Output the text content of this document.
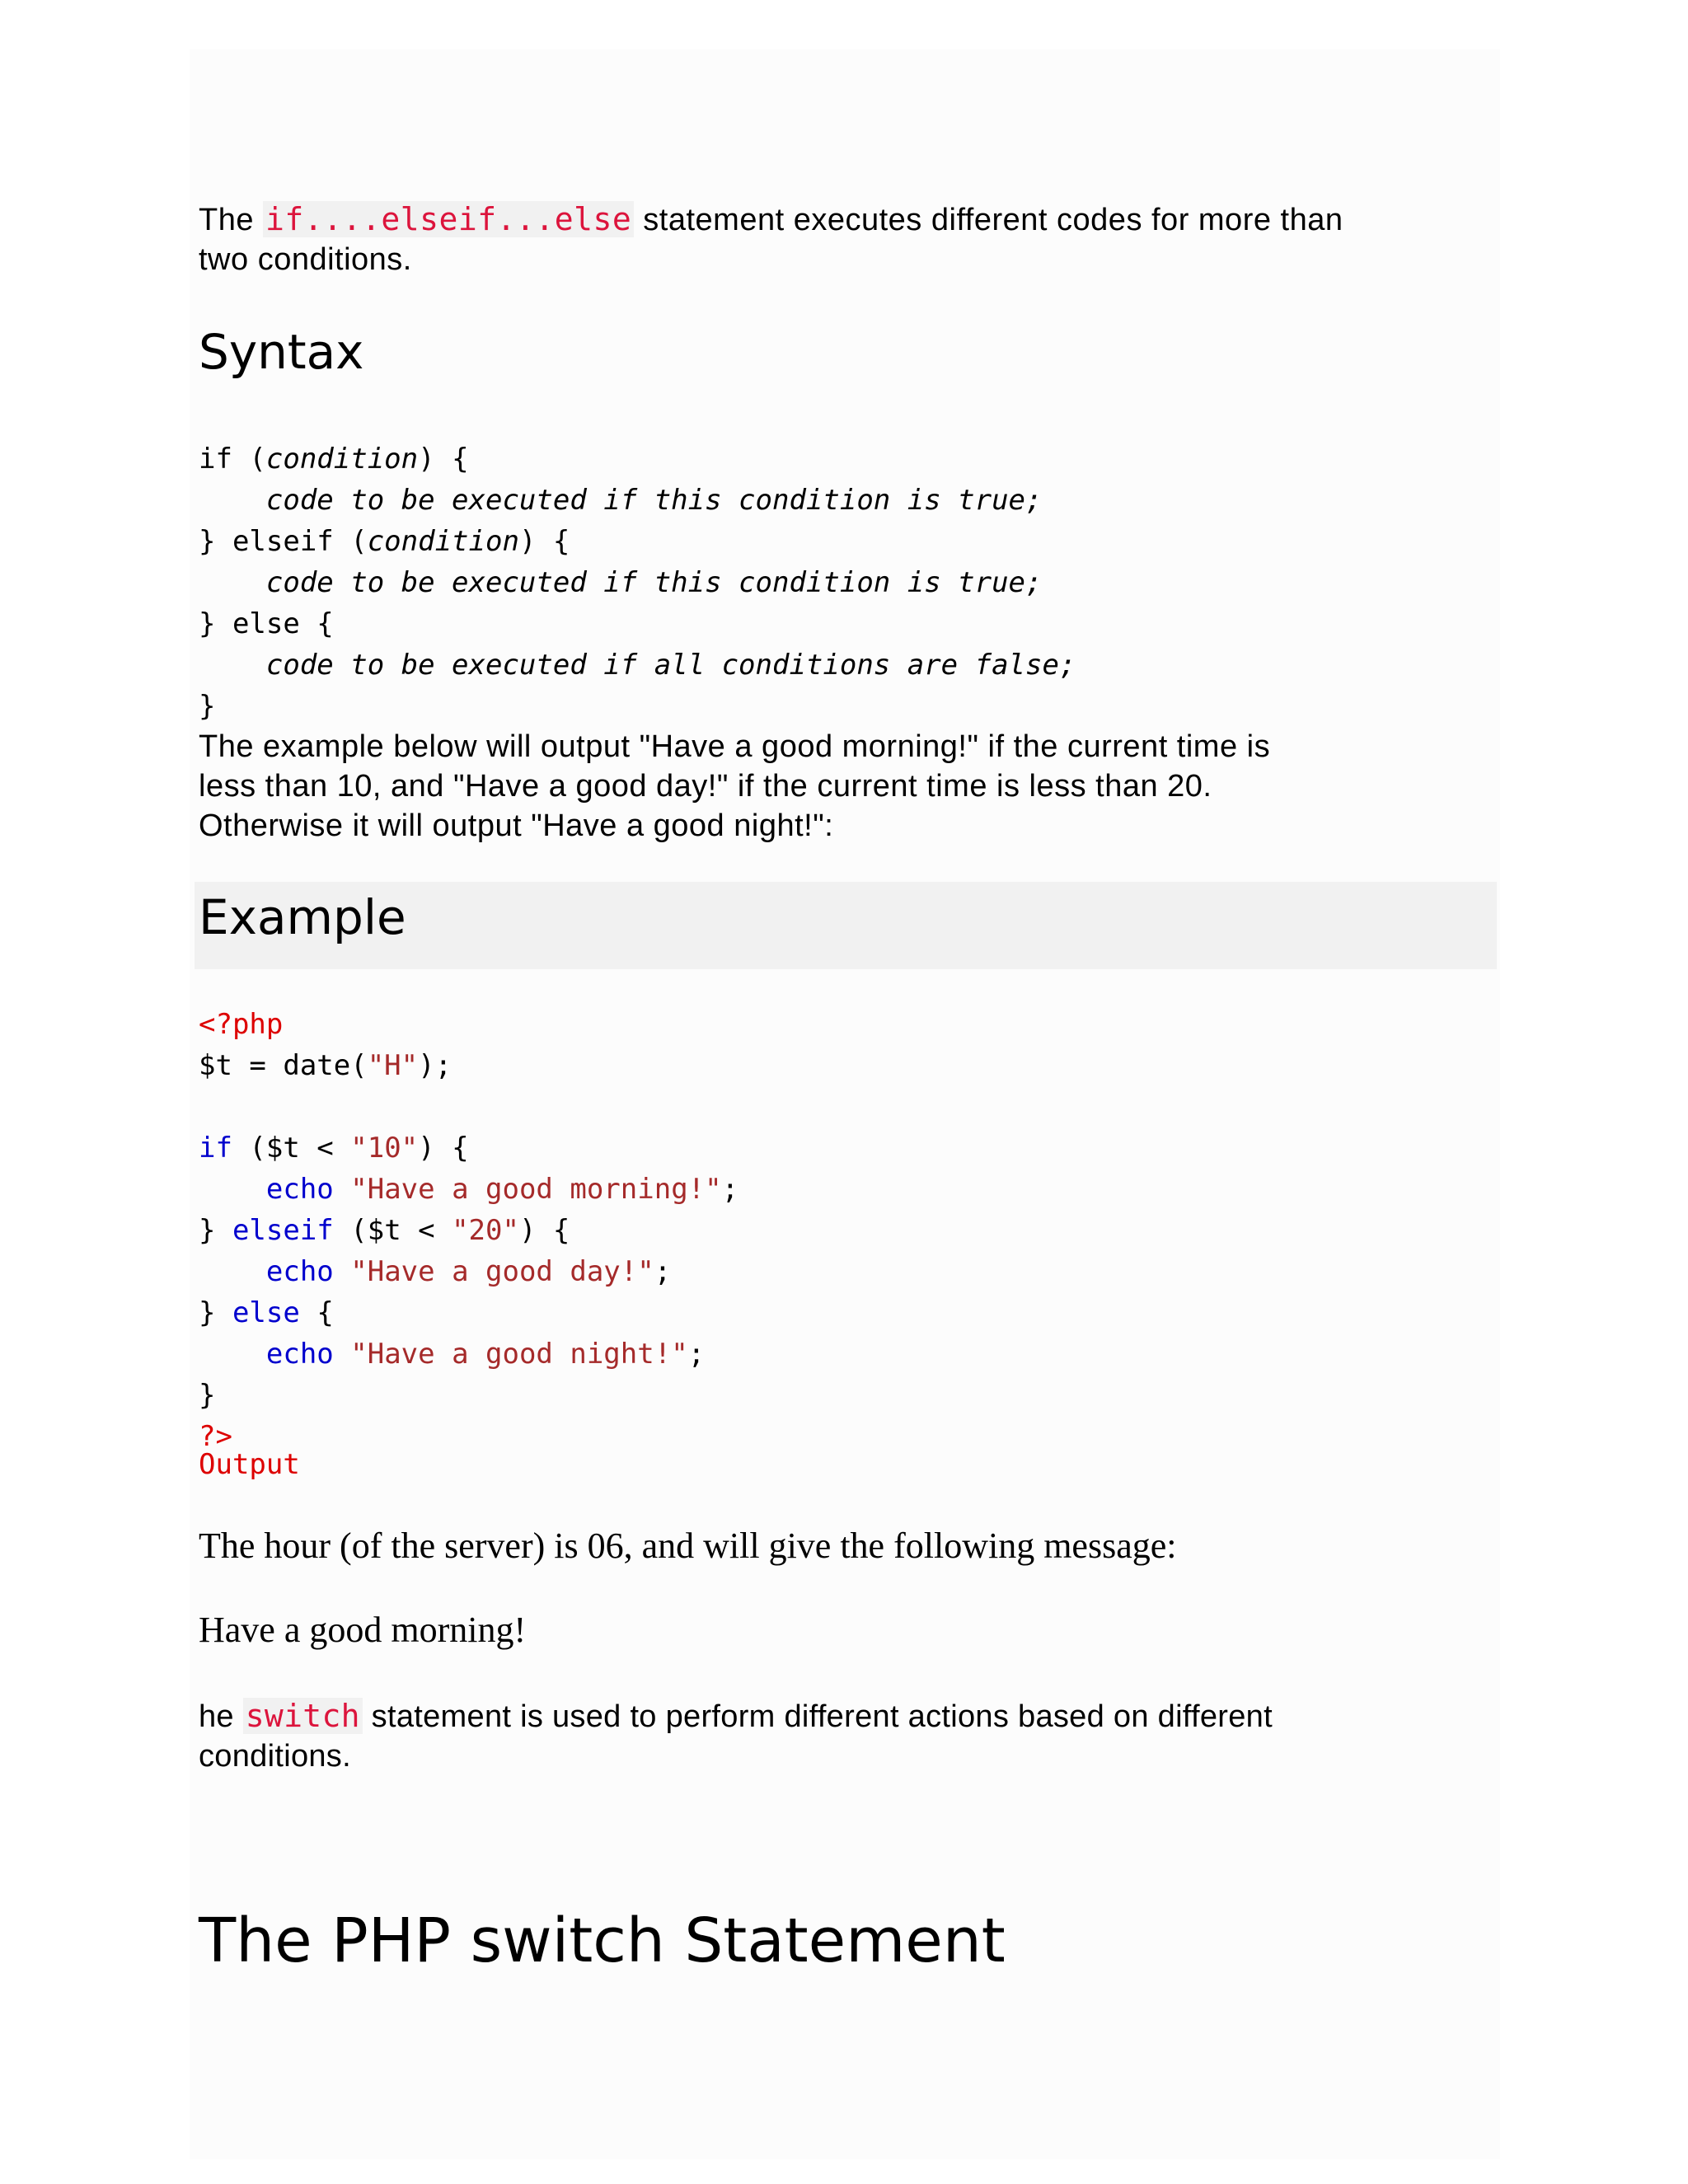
The if....elseif...else statement executes different codes for more than
two conditions.

Syntax

if (condition) {
code to be executed if this condition is true;
} elseif (condition) {
code to be executed if this condition is true;
} else {
code to be executed if all conditions are false;
}

The example below will output "Have a good morning!" if the current time is
less than 10, and "Have a good day!" if the current time is less than 20.
Otherwise it will output "Have a good night!":

Example

<?php
$t = date("H");

if ($t < "10") {
echo "Have a good morning!";
} elseif ($t < "20") {
echo "Have a good day!";
} else {
echo "Have a good night!";
}
?>

Output

The hour (of the server) is 06, and will give the following message:

Have a good morning!

he switch statement is used to perform different actions based on different
conditions.

The PHP switch Statement
